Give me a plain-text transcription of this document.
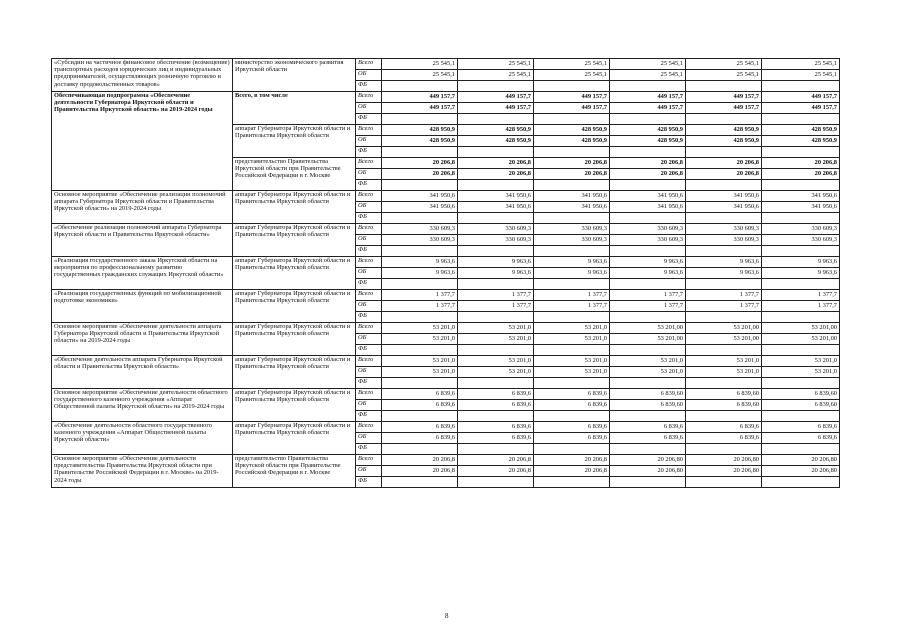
«Субсидии на частичное финансовое обеспечение (возмещение) транспортных расходов юридических лиц и индивидуальных предпринимателей, осуществляющих розничную торговлю и доставку продовольственных товаров»	министерство экономического развития Иркутской области	Всего	25 545,1	25 545,1	25 545,1	25 545,1	25 545,1	25 545,1
		ОБ	25 545,1	25 545,1	25 545,1	25 545,1	25 545,1	25 545,1
		ФБ						
Обеспечивающая подпрограмма «Обеспечение деятельности Губернатора Иркутской области и Правительства Иркутской области» на 2019-2024 годы	Всего, в том числе	Всего	449 157,7	449 157,7	449 157,7	449 157,7	449 157,7	449 157,7
		ОБ	449 157,7	449 157,7	449 157,7	449 157,7	449 157,7	449 157,7
		ФБ						
	аппарат Губернатора Иркутской области и Правительства Иркутской области	Всего	428 950,9	428 950,9	428 950,9	428 950,9	428 950,9	428 950,9
		ОБ	428 950,9	428 950,9	428 950,9	428 950,9	428 950,9	428 950,9
		ФБ						
	представительство Правительства Иркутской области при Правительстве Российской Федерации в г. Москве	Всего	20 206,8	20 206,8	20 206,8	20 206,8	20 206,8	20 206,8
		ОБ	20 206,8	20 206,8	20 206,8	20 206,8	20 206,8	20 206,8
		ФБ						
Основное мероприятие «Обеспечение реализации полномочий аппарата Губернатора Иркутской области и Правительства Иркутской области» на 2019-2024 годы	аппарат Губернатора Иркутской области и Правительства Иркутской области	Всего	341 950,6	341 950,6	341 950,6	341 950,6	341 950,6	341 950,6
		ОБ	341 950,6	341 950,6	341 950,6	341 950,6	341 950,6	341 950,6
		ФБ						
«Обеспечение реализации полномочий аппарата Губернатора Иркутской области и Правительства Иркутской области»	аппарат Губернатора Иркутской области и Правительства Иркутской области	Всего	330 609,3	330 609,3	330 609,3	330 609,3	330 609,3	330 609,3
		ОБ	330 609,3	330 609,3	330 609,3	330 609,3	330 609,3	330 609,3
		ФБ						
«Реализация государственного заказа Иркутской области на мероприятия по профессиональному развитию государственных гражданских служащих Иркутской области»	аппарат Губернатора Иркутской области и Правительства Иркутской области	Всего	9 963,6	9 963,6	9 963,6	9 963,6	9 963,6	9 963,6
		ОБ	9 963,6	9 963,6	9 963,6	9 963,6	9 963,6	9 963,6
		ФБ						
«Реализация государственных функций по мобилизационной подготовке экономики»	аппарат Губернатора Иркутской области и Правительства Иркутской области	Всего	1 377,7	1 377,7	1 377,7	1 377,7	1 377,7	1 377,7
		ОБ	1 377,7	1 377,7	1 377,7	1 377,7	1 377,7	1 377,7
		ФБ						
Основное мероприятие «Обеспечение деятельности аппарата Губернатора Иркутской области и Правительства Иркутской области» на 2019-2024 годы	аппарат Губернатора Иркутской области и Правительства Иркутской области	Всего	53 201,0	53 201,0	53 201,0	53 201,00	53 201,00	53 201,00
		ОБ	53 201,0	53 201,0	53 201,0	53 201,00	53 201,00	53 201,00
		ФБ						
«Обеспечение деятельности аппарата Губернатора Иркутской области и Правительства Иркутской области»	аппарат Губернатора Иркутской области и Правительства Иркутской области	Всего	53 201,0	53 201,0	53 201,0	53 201,0	53 201,0	53 201,0
		ОБ	53 201,0	53 201,0	53 201,0	53 201,0	53 201,0	53 201,0
		ФБ						
Основное мероприятие «Обеспечение деятельности областного государственного казенного учреждения «Аппарат Общественной палаты Иркутской области» на 2019-2024 годы	аппарат Губернатора Иркутской области и Правительства Иркутской области	Всего	6 839,6	6 839,6	6 839,6	6 839,60	6 839,60	6 839,60
		ОБ	6 839,6	6 839,6	6 839,6	6 839,60	6 839,60	6 839,60
		ФБ						
«Обеспечение деятельности областного государственного казенного учреждения «Аппарат Общественной палаты Иркутской области»	аппарат Губернатора Иркутской области и Правительства Иркутской области	Всего	6 839,6	6 839,6	6 839,6	6 839,6	6 839,6	6 839,6
		ОБ	6 839,6	6 839,6	6 839,6	6 839,6	6 839,6	6 839,6
		ФБ						
Основное мероприятие «Обеспечение деятельности представительства Правительства Иркутской области при Правительстве Российской Федерации в г. Москве» на 2019-2024 годы	представительство Правительства Иркутской области при Правительстве Российской Федерации в г. Москве	Всего	20 206,8	20 206,8	20 206,8	20 206,80	20 206,80	20 206,80
		ОБ	20 206,8	20 206,8	20 206,8	20 206,80	20 206,80	20 206,80
		ФБ						
8
